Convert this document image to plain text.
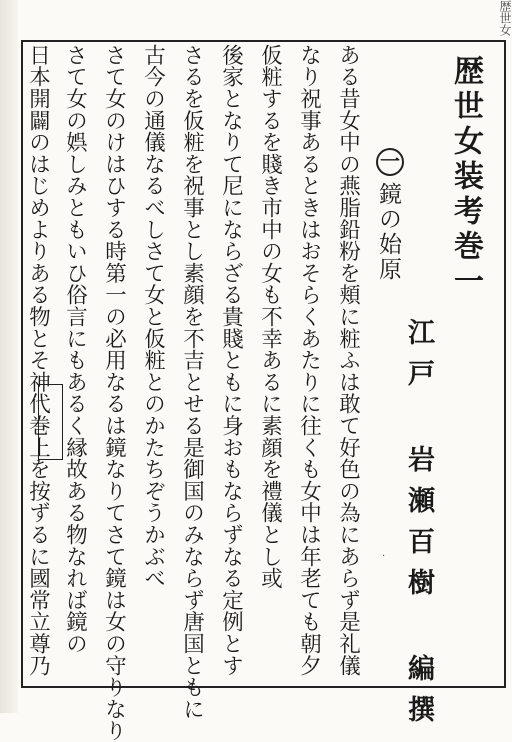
歴世女
歴世女装考巻一
江戸 岩瀬百樹 編撰
一
鏡の始原
ある昔女中の燕脂鉛粉を頬に粧ふは敢て好色の為にあらず是礼儀
なり祝事あるときはおそらくあたりに往くも女中は年老ても朝夕
仮粧するを賤き市中の女も不幸あるに素顔を禮儀とし或
後家となりて尼にならざる貴賤ともに身おもならずなる定例とす
さるを仮粧を祝事とし素顔を不吉とせる是御国のみならず唐国ともに
古今の通儀なるべしさて女と仮粧とのかたちぞうかぶべ
さて女のけはひする時第一の必用なるは鏡なりてさて鏡は女の守りなり
さて女の娯しみともいひ俗言にもあるく縁故ある物なれば鏡の
日本開闢のはじめよりある物とそ神代巻上を按ずるに國常立尊乃	·
